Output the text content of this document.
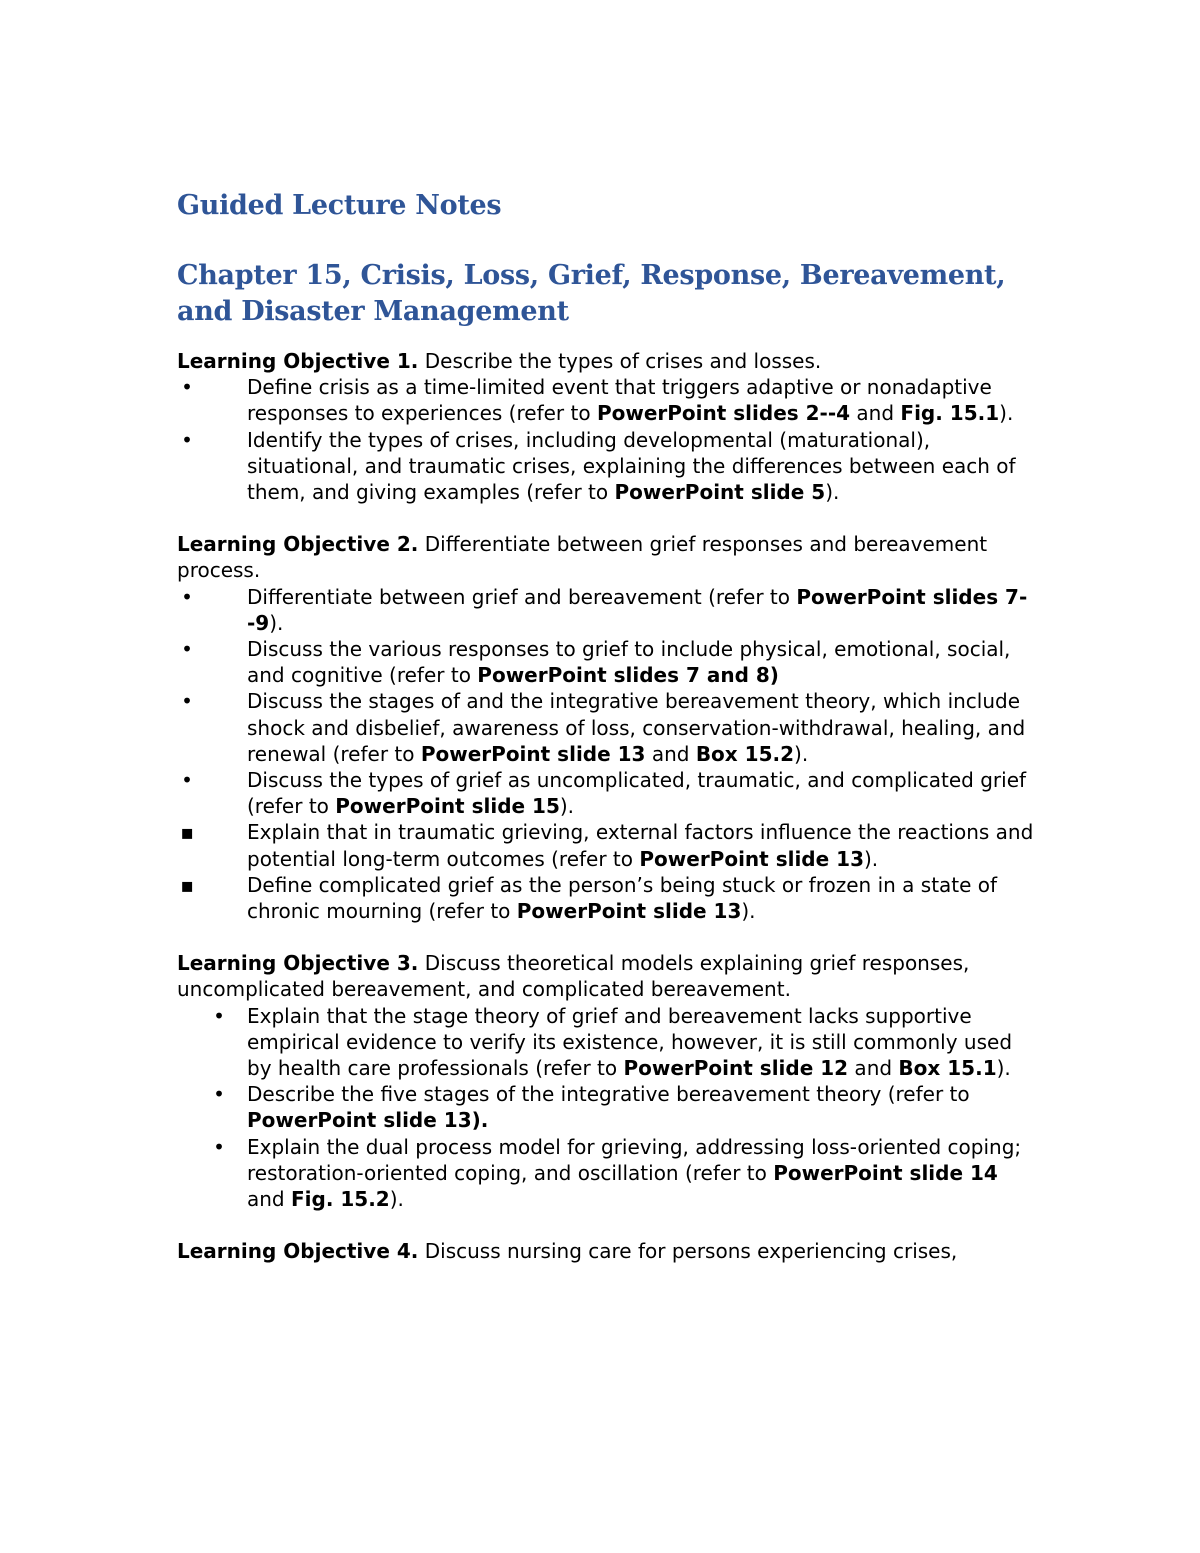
Guided Lecture Notes
Chapter 15, Crisis, Loss, Grief, Response, Bereavement, and Disaster Management

Learning Objective 1. Describe the types of crises and losses.

•	Define crisis as a time-limited event that triggers adaptive or nonadaptive responses to experiences (refer to PowerPoint slides 2--4 and Fig. 15.1).
•	Identify the types of crises, including developmental (maturational), situational, and traumatic crises, explaining the differences between each of them, and giving examples (refer to PowerPoint slide 5).

Learning Objective 2. Differentiate between grief responses and bereavement process.

•	Differentiate between grief and bereavement (refer to PowerPoint slides 7--9).
•	Discuss the various responses to grief to include physical, emotional, social, and cognitive (refer to PowerPoint slides 7 and 8)
•	Discuss the stages of and the integrative bereavement theory, which include shock and disbelief, awareness of loss, conservation-withdrawal, healing, and renewal (refer to PowerPoint slide 13 and Box 15.2).
•	Discuss the types of grief as uncomplicated, traumatic, and complicated grief (refer to PowerPoint slide 15).
▪	Explain that in traumatic grieving, external factors influence the reactions and potential long-term outcomes (refer to PowerPoint slide 13).
▪	Define complicated grief as the person’s being stuck or frozen in a state of chronic mourning (refer to PowerPoint slide 13).

Learning Objective 3. Discuss theoretical models explaining grief responses, uncomplicated bereavement, and complicated bereavement.

• Explain that the stage theory of grief and bereavement lacks supportive empirical evidence to verify its existence, however, it is still commonly used by health care professionals (refer to PowerPoint slide 12 and Box 15.1).
• Describe the five stages of the integrative bereavement theory (refer to PowerPoint slide 13).
• Explain the dual process model for grieving, addressing loss-oriented coping; restoration-oriented coping, and oscillation (refer to PowerPoint slide 14 and Fig. 15.2).

Learning Objective 4. Discuss nursing care for persons experiencing crises,
